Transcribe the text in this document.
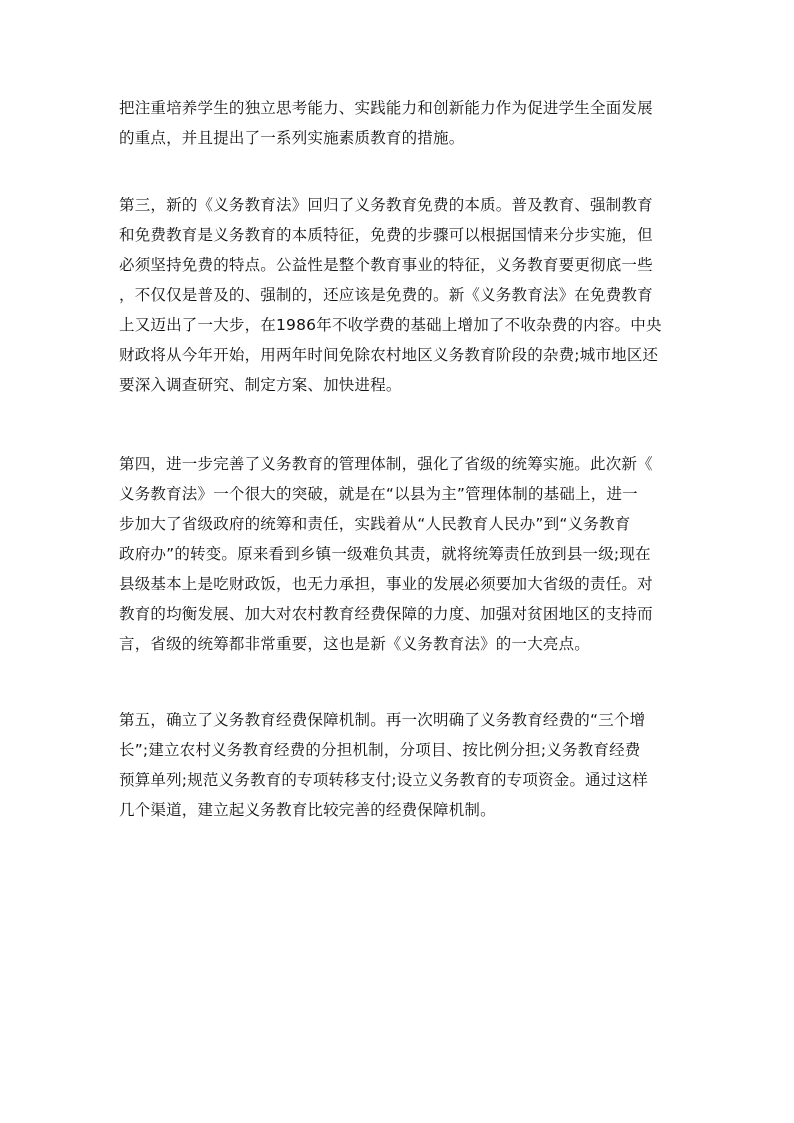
把注重培养学生的独立思考能力、实践能力和创新能力作为促进学生全面发展
的重点，并且提出了一系列实施素质教育的措施。
第三，新的《义务教育法》回归了义务教育免费的本质。普及教育、强制教育
和免费教育是义务教育的本质特征，免费的步骤可以根据国情来分步实施，但
必须坚持免费的特点。公益性是整个教育事业的特征，义务教育要更彻底一些
，不仅仅是普及的、强制的，还应该是免费的。新《义务教育法》在免费教育
上又迈出了一大步，在1986年不收学费的基础上增加了不收杂费的内容。中央
财政将从今年开始，用两年时间免除农村地区义务教育阶段的杂费;城市地区还
要深入调查研究、制定方案、加快进程。
第四，进一步完善了义务教育的管理体制，强化了省级的统筹实施。此次新《
义务教育法》一个很大的突破，就是在“以县为主”管理体制的基础上，进一
步加大了省级政府的统筹和责任，实践着从“人民教育人民办”到“义务教育
政府办”的转变。原来看到乡镇一级难负其责，就将统筹责任放到县一级;现在
县级基本上是吃财政饭，也无力承担，事业的发展必须要加大省级的责任。对
教育的均衡发展、加大对农村教育经费保障的力度、加强对贫困地区的支持而
言，省级的统筹都非常重要，这也是新《义务教育法》的一大亮点。
第五，确立了义务教育经费保障机制。再一次明确了义务教育经费的“三个增
长”;建立农村义务教育经费的分担机制，分项目、按比例分担;义务教育经费
预算单列;规范义务教育的专项转移支付;设立义务教育的专项资金。通过这样
几个渠道，建立起义务教育比较完善的经费保障机制。
